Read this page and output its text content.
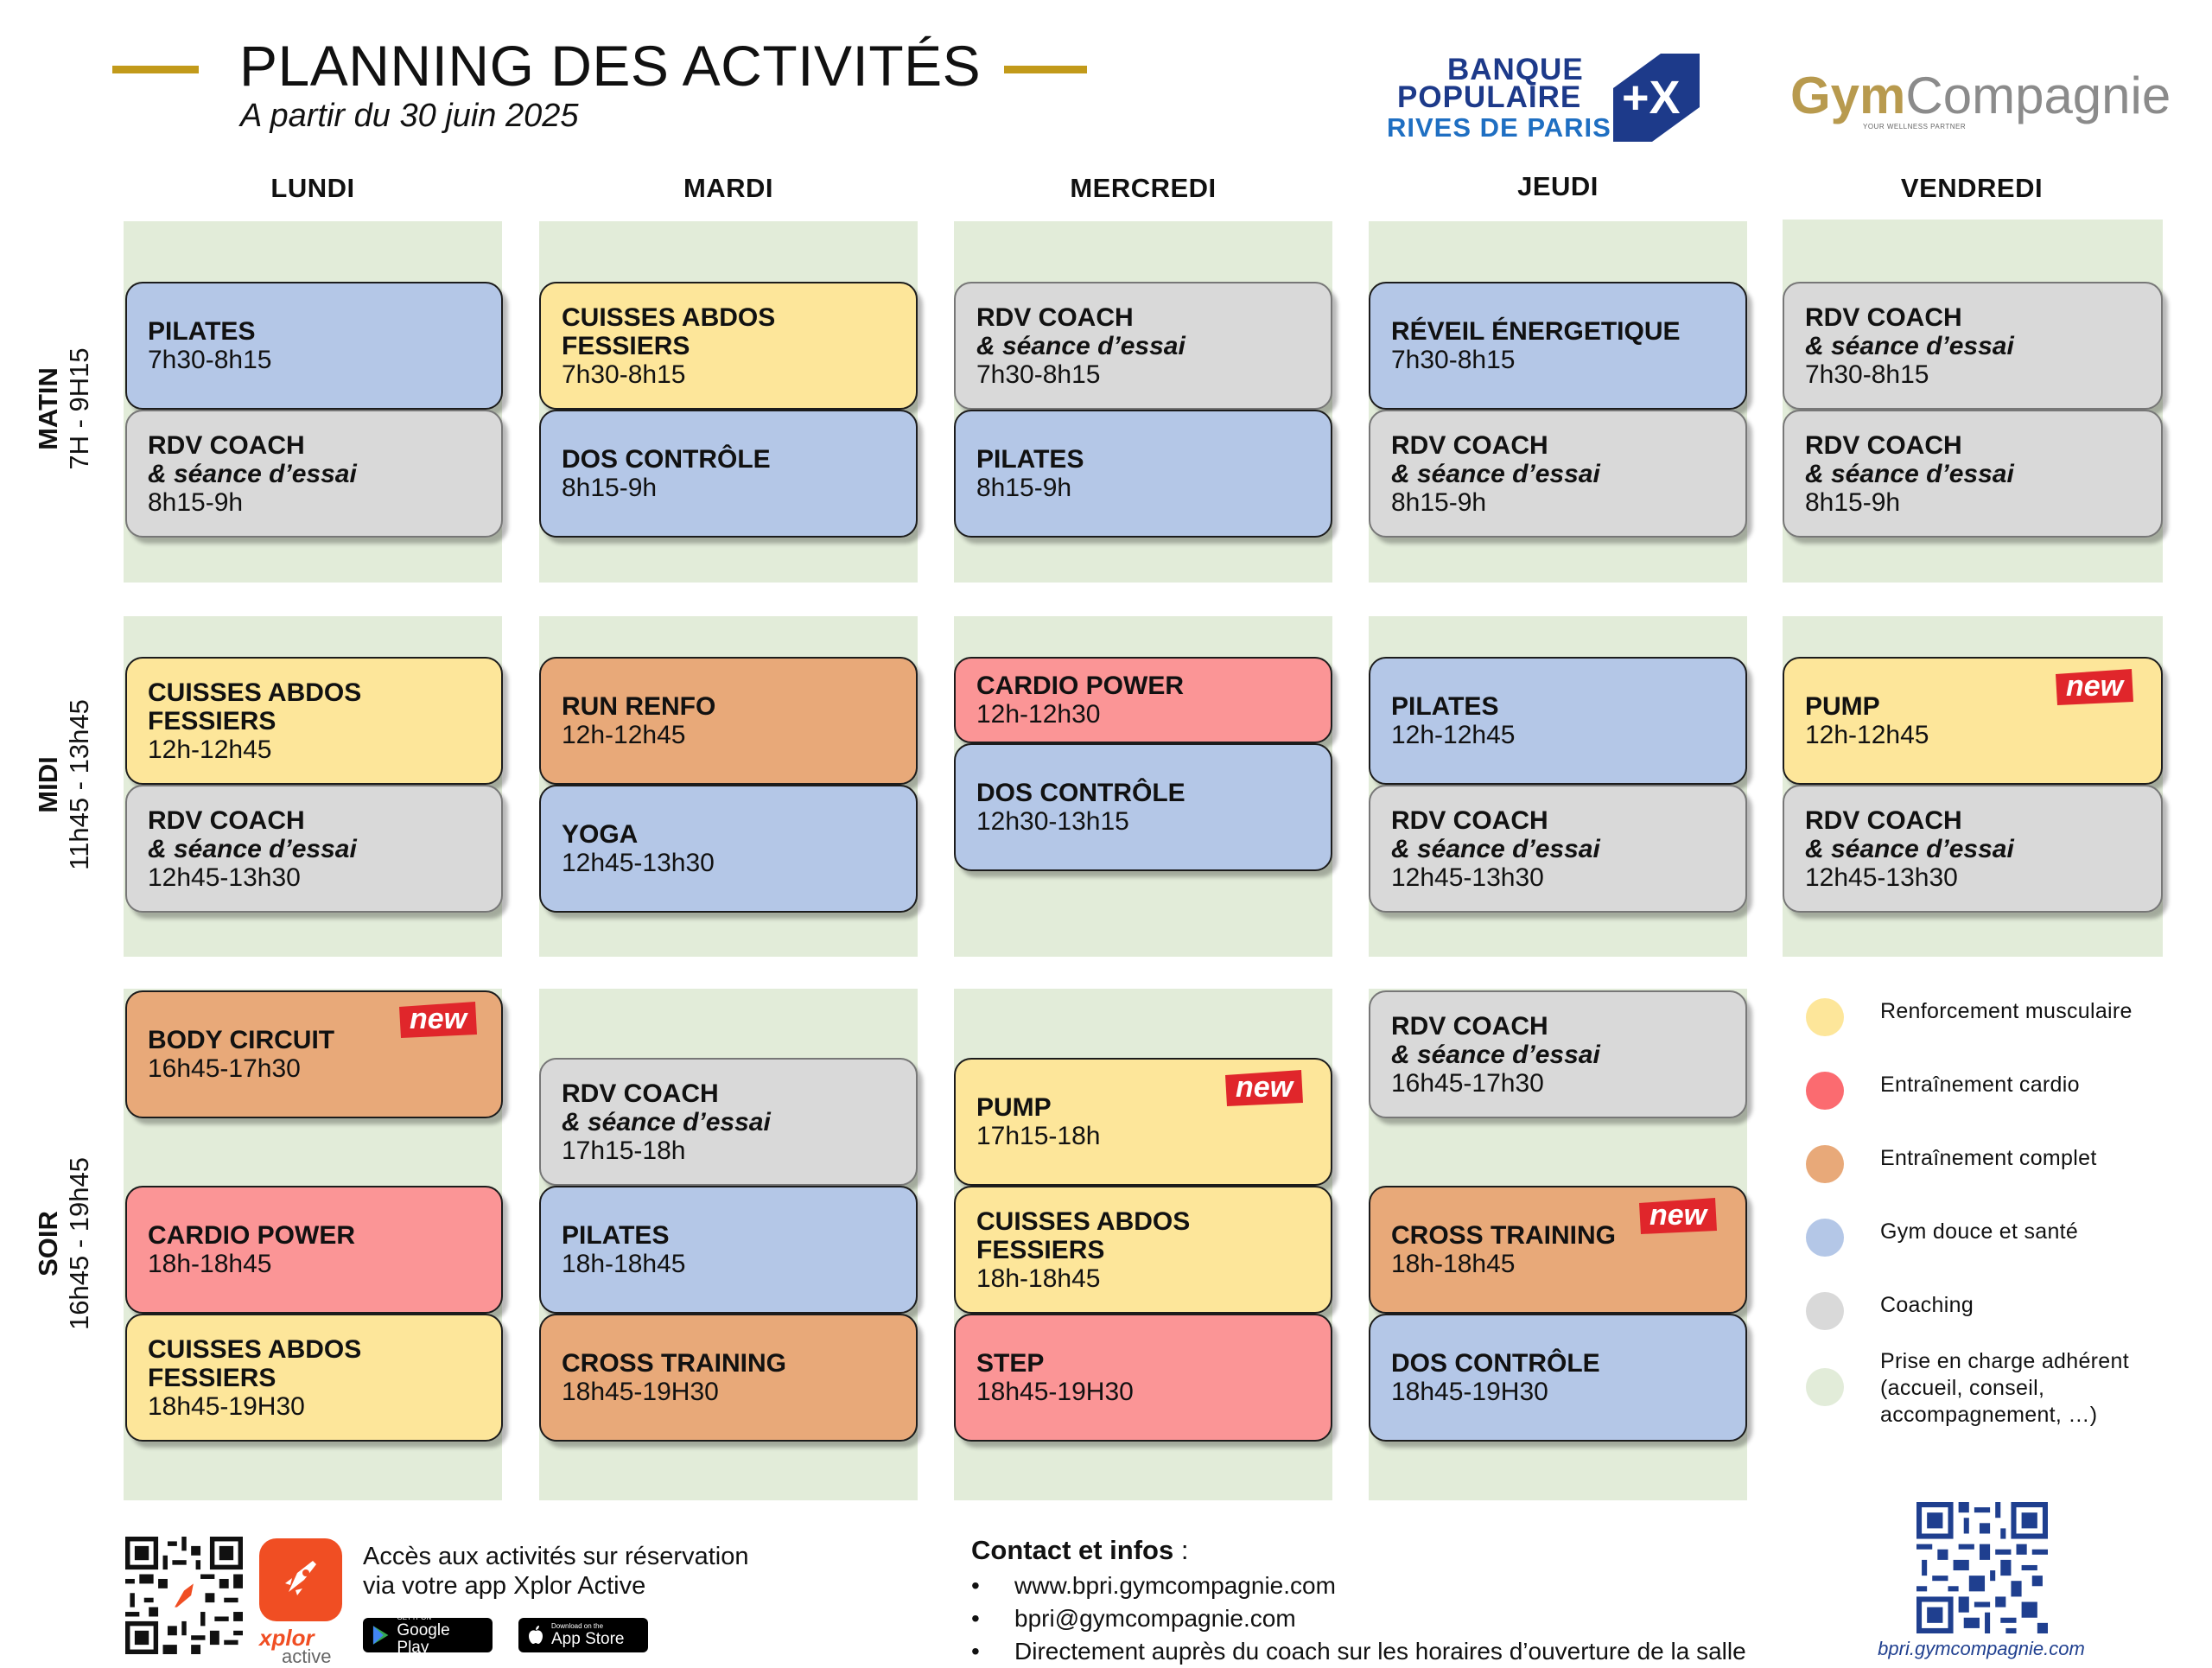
PLANNING DES ACTIVITÉS
A partir du 30 juin 2025
BANQUE
POPULAIRE
RIVES DE PARIS
+X GymCompagnie
YOUR WELLNESS PARTNER
LUNDI	MARDI	MERCREDI	JEUDI	VENDREDI
MATIN 7H - 9H15
MIDI 11h45 - 13h45
SOIR 16h45 - 19h45
PILATES
7h30-8h15
RDV COACH
& séance d’essai
8h15-9h
CUISSES ABDOS
FESSIERS
7h30-8h15
DOS CONTRÔLE
8h15-9h
RDV COACH
& séance d’essai
7h30-8h15
PILATES
8h15-9h
RÉVEIL ÉNERGETIQUE
7h30-8h15
RDV COACH
& séance d’essai
8h15-9h
RDV COACH
& séance d’essai
7h30-8h15
RDV COACH
& séance d’essai
8h15-9h
CUISSES ABDOS
FESSIERS
12h-12h45
RDV COACH
& séance d’essai
12h45-13h30
RUN RENFO
12h-12h45
YOGA
12h45-13h30
CARDIO POWER
12h-12h30
DOS CONTRÔLE
12h30-13h15
PILATES
12h-12h45
RDV COACH
& séance d’essai
12h45-13h30
PUMP
12h-12h45
RDV COACH
& séance d’essai
12h45-13h30
BODY CIRCUIT
16h45-17h30
CARDIO POWER
18h-18h45
CUISSES ABDOS
FESSIERS
18h45-19H30
RDV COACH
& séance d’essai
17h15-18h
PILATES
18h-18h45
CROSS TRAINING
18h45-19H30
PUMP
17h15-18h
CUISSES ABDOS
FESSIERS
18h-18h45
STEP
18h45-19H30
RDV COACH
& séance d’essai
16h45-17h30
CROSS TRAINING
18h-18h45
DOS CONTRÔLE
18h45-19H30
new
new
new
new
Renforcement musculaire
Entraînement cardio
Entraînement complet
Gym douce et santé
Coaching
Prise en charge adhérent
(accueil, conseil,
accompagnement, …)
xplor
active
Accès aux activités sur réservation
via votre app Xplor Active
GET IT ON
Google Play
Download on the
App Store
Contact et infos :
•	www.bpri.gymcompagnie.com
•	bpri@gymcompagnie.com
•	Directement auprès du coach sur les horaires d’ouverture de la salle	bpri.gymcompagnie.com
